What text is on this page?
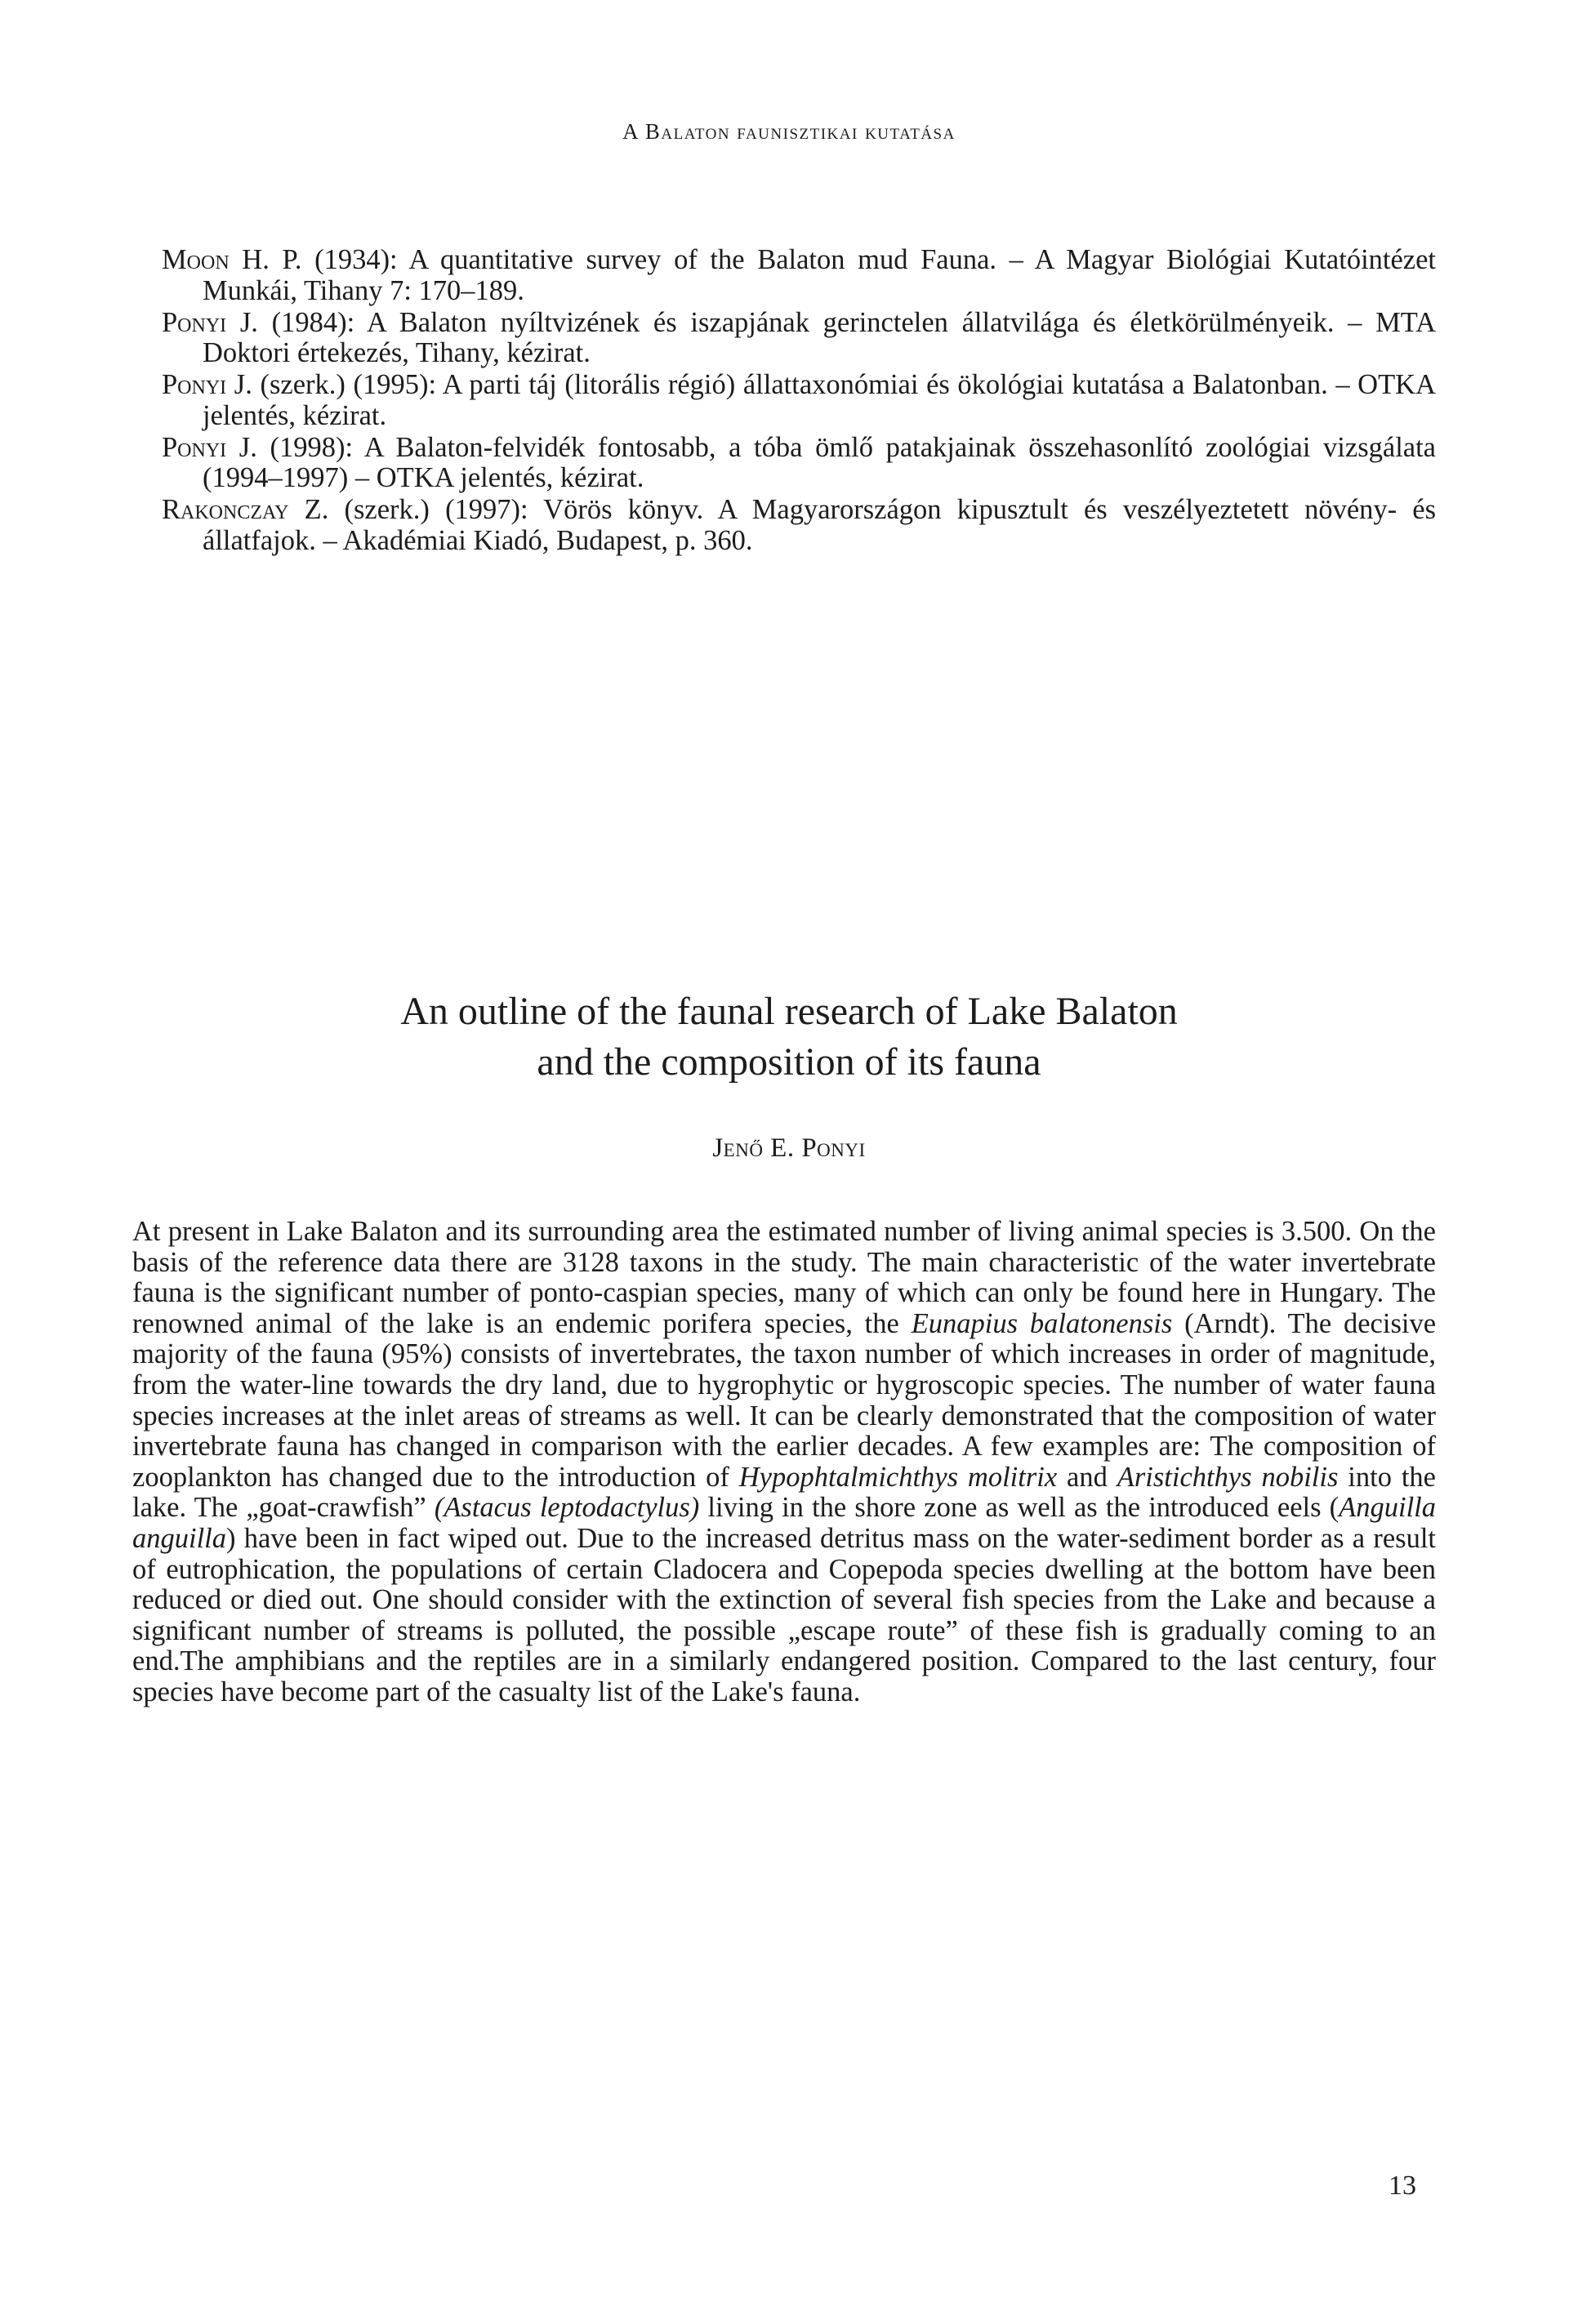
A Balaton faunisztikai kutatása

Moon H. P. (1934): A quantitative survey of the Balaton mud Fauna. – A Magyar Biológiai Kutatóintézet Munkái, Tihany 7: 170–189.

Ponyi J. (1984): A Balaton nyíltvizének és iszapjának gerinctelen állatvilága és életkörülményeik. – MTA Doktori értekezés, Tihany, kézirat.

Ponyi J. (szerk.) (1995): A parti táj (litorális régió) állattaxonómiai és ökológiai kutatása a Balatonban. – OTKA jelentés, kézirat.

Ponyi J. (1998): A Balaton-felvidék fontosabb, a tóba ömlő patakjainak összehasonlító zoológiai vizsgálata (1994–1997) – OTKA jelentés, kézirat.

Rakonczay Z. (szerk.) (1997): Vörös könyv. A Magyarországon kipusztult és veszélyeztetett növény- és állatfajok. – Akadémiai Kiadó, Budapest, p. 360.

An outline of the faunal research of Lake Balaton
and the composition of its fauna
Jenő E. Ponyi

At present in Lake Balaton and its surrounding area the estimated number of living animal species is 3.500. On the basis of the reference data there are 3128 taxons in the study. The main characteristic of the water invertebrate fauna is the significant number of ponto-caspian species, many of which can only be found here in Hungary. The renowned animal of the lake is an endemic porifera species, the Eunapius balatonensis (Arndt). The decisive majority of the fauna (95%) consists of invertebrates, the taxon number of which increases in order of magnitude, from the water-line towards the dry land, due to hygrophytic or hygroscopic species. The number of water fauna species increases at the inlet areas of streams as well. It can be clearly demonstrated that the composition of water invertebrate fauna has changed in comparison with the earlier decades. A few examples are: The composition of zooplankton has changed due to the introduction of Hypophtalmichthys molitrix and Aristichthys nobilis into the lake. The „goat-crawfish” (Astacus leptodactylus) living in the shore zone as well as the introduced eels (Anguilla anguilla) have been in fact wiped out. Due to the increased detritus mass on the water-sediment border as a result of eutrophication, the populations of certain Cladocera and Copepoda species dwelling at the bottom have been reduced or died out. One should consider with the extinction of several fish species from the Lake and because a significant number of streams is polluted, the possible „escape route” of these fish is gradually coming to an end.The amphibians and the reptiles are in a similarly endangered position. Compared to the last century, four species have become part of the casualty list of the Lake's fauna.

13
